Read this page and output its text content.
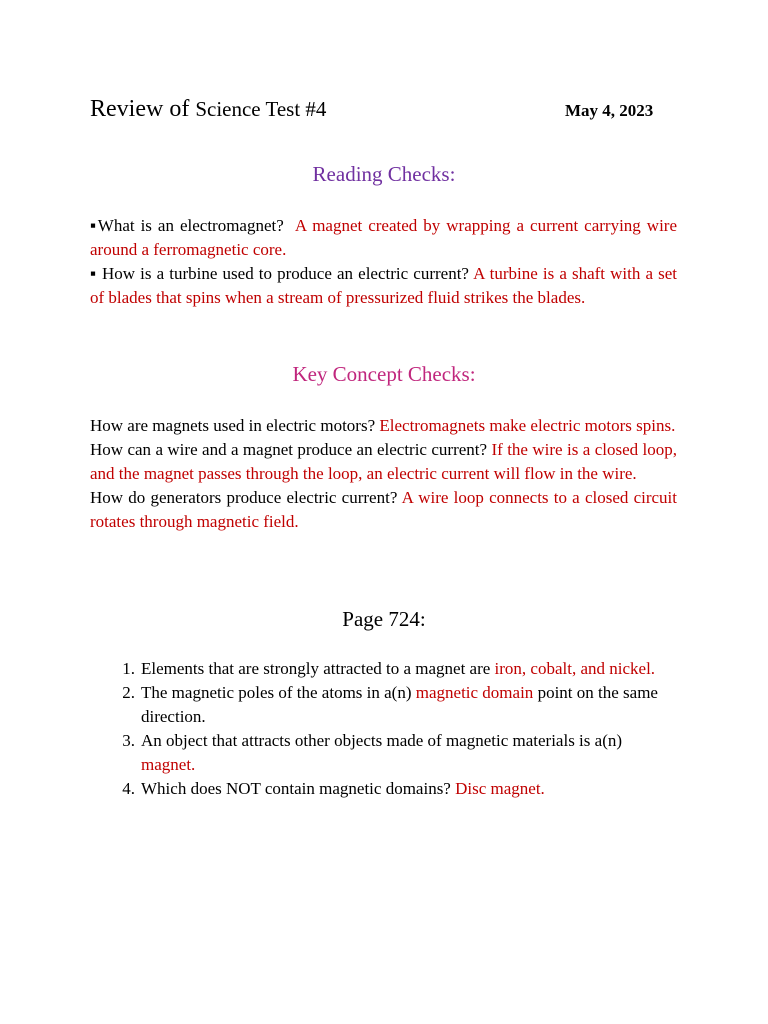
Review of Science Test #4	May 4, 2023
Reading Checks:

▪What is an electromagnet? A magnet created by wrapping a current carrying wire around a ferromagnetic core.

▪ How is a turbine used to produce an electric current? A turbine is a shaft with a set of blades that spins when a stream of pressurized fluid strikes the blades.

Key Concept Checks:

How are magnets used in electric motors? Electromagnets make electric motors spins.

How can a wire and a magnet produce an electric current? If the wire is a closed loop, and the magnet passes through the loop, an electric current will flow in the wire.

How do generators produce electric current? A wire loop connects to a closed circuit rotates through magnetic field.

Page 724:
1. Elements that are strongly attracted to a magnet are iron, cobalt, and nickel.
2. The magnetic poles of the atoms in a(n) magnetic domain point on the same direction.
3. An object that attracts other objects made of magnetic materials is a(n) magnet.
4. Which does NOT contain magnetic domains? Disc magnet.
